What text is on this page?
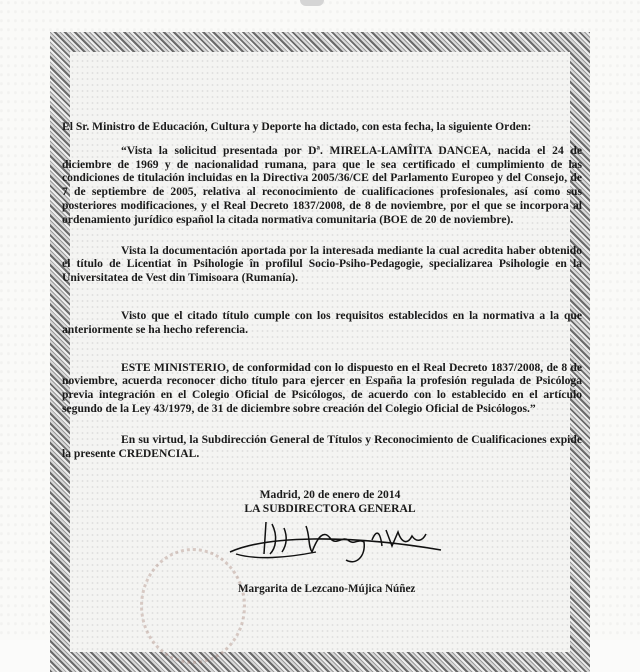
El Sr. Ministro de Educación, Cultura y Deporte ha dictado, con esta fecha, la siguiente Orden:

“Vista la solicitud presentada por Dª. MIRELA-LAMÎITA DANCEA, nacida el 24 de diciembre de 1969 y de nacionalidad rumana, para que le sea certificado el cumplimiento de las condiciones de titulación incluidas en la Directiva 2005/36/CE del Parlamento Europeo y del Consejo, de 7 de septiembre de 2005, relativa al reconocimiento de cualificaciones profesionales, así como sus posteriores modificaciones, y el Real Decreto 1837/2008, de 8 de noviembre, por el que se incorpora al ordenamiento jurídico español la citada normativa comunitaria (BOE de 20 de noviembre).

Vista la documentación aportada por la interesada mediante la cual acredita haber obtenido el título de Licentiat în Psihologie în profilul Socio-Psiho-Pedagogie, specializarea Psihologie en la Universitatea de Vest din Timisoara (Rumanía).

Visto que el citado título cumple con los requisitos establecidos en la normativa a la que anteriormente se ha hecho referencia.

ESTE MINISTERIO, de conformidad con lo dispuesto en el Real Decreto 1837/2008, de 8 de noviembre, acuerda reconocer dicho título para ejercer en España la profesión regulada de Psicóloga previa integración en el Colegio Oficial de Psicólogos, de acuerdo con lo establecido en el artículo segundo de la Ley 43/1979, de 31 de diciembre sobre creación del Colegio Oficial de Psicólogos.”

En su virtud, la Subdirección General de Títulos y Reconocimiento de Cualificaciones expide la presente CREDENCIAL.

Madrid, 20 de enero de 2014
LA SUBDIRECTORA GENERAL
Margarita de Lezcano-Mújica Núñez
